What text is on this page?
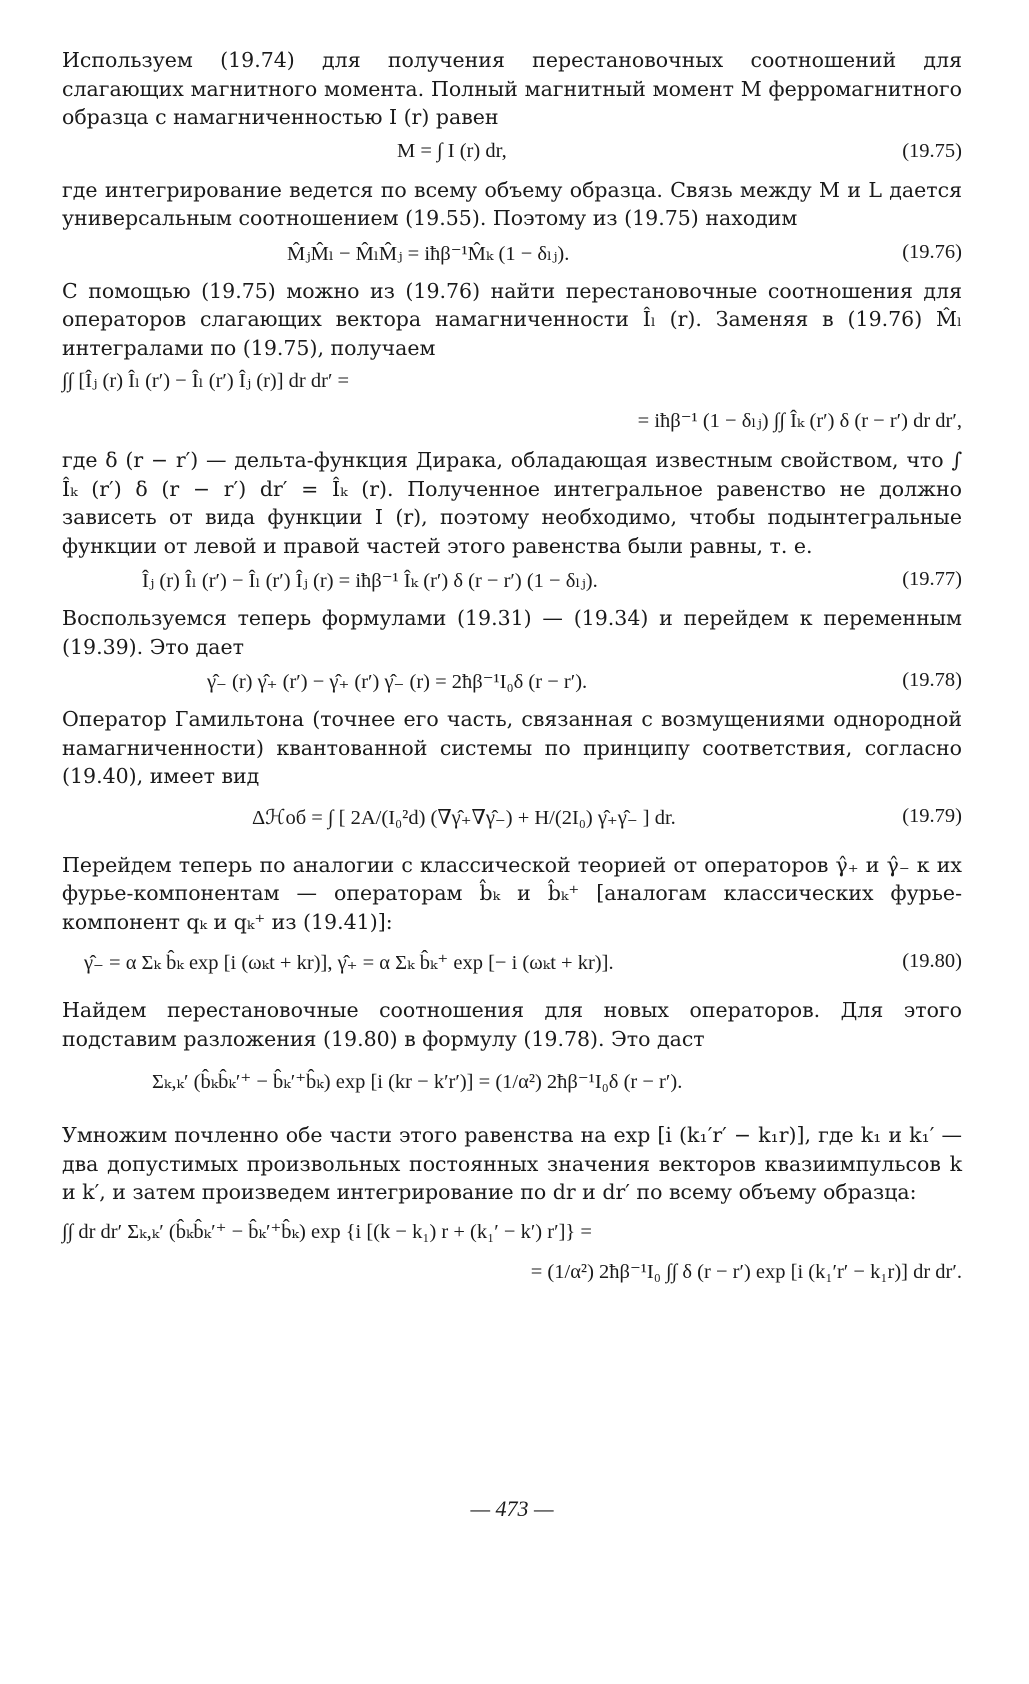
Используем (19.74) для получения перестановочных соотношений для слагающих магнитного момента. Полный магнитный момент M ферромагнитного образца с намагниченностью I (r) равен

M = ∫ I (r) dr,	(19.75)

где интегрирование ведется по всему объему образца. Связь между M и L дается универсальным соотношением (19.55). Поэтому из (19.75) находим

M̂ⱼM̂ₗ − M̂ₗM̂ⱼ = iħβ⁻¹M̂ₖ (1 − δₗⱼ).	(19.76)

С помощью (19.75) можно из (19.76) найти перестановочные соотношения для операторов слагающих вектора намагниченности Îₗ (r). Заменяя в (19.76) M̂ₗ интегралами по (19.75), получаем

∫∫ [Îⱼ (r) Îₗ (r′) − Îₗ (r′) Îⱼ (r)] dr dr′ =
= iħβ⁻¹ (1 − δₗⱼ) ∫∫ Îₖ (r′) δ (r − r′) dr dr′,

где δ (r − r′) — дельта-функция Дирака, обладающая известным свойством, что ∫ Îₖ (r′) δ (r − r′) dr′ = Îₖ (r). Полученное интегральное равенство не должно зависеть от вида функции I (r), поэтому необходимо, чтобы подынтегральные функции от левой и правой частей этого равенства были равны, т. е.

Îⱼ (r) Îₗ (r′) − Îₗ (r′) Îⱼ (r) = iħβ⁻¹ Îₖ (r′) δ (r − r′) (1 − δₗⱼ).	(19.77)

Воспользуемся теперь формулами (19.31) — (19.34) и перейдем к переменным (19.39). Это дает

γ̂₋ (r) γ̂₊ (r′) − γ̂₊ (r′) γ̂₋ (r) = 2ħβ⁻¹I₀δ (r − r′).	(19.78)

Оператор Гамильтона (точнее его часть, связанная с возмущениями однородной намагниченности) квантованной системы по принципу соответствия, согласно (19.40), имеет вид

Δℋоб = ∫ [ 2A/(I₀²d) (∇γ̂₊∇γ̂₋) + H/(2I₀) γ̂₊γ̂₋ ] dr.	(19.79)

Перейдем теперь по аналогии с классической теорией от операторов γ̂₊ и γ̂₋ к их фурье-компонентам — операторам b̂ₖ и b̂ₖ⁺ [аналогам классических фурье-компонент qₖ и qₖ⁺ из (19.41)]:

γ̂₋ = α Σₖ b̂ₖ exp [i (ωₖt + kr)], γ̂₊ = α Σₖ b̂ₖ⁺ exp [− i (ωₖt + kr)].	(19.80)

Найдем перестановочные соотношения для новых операторов. Для этого подставим разложения (19.80) в формулу (19.78). Это даст

Σₖ,ₖ′ (b̂ₖb̂ₖ′⁺ − b̂ₖ′⁺b̂ₖ) exp [i (kr − k′r′)] = (1/α²) 2ħβ⁻¹I₀δ (r − r′).

Умножим почленно обе части этого равенства на exp [i (k₁′r′ − k₁r)], где k₁ и k₁′ — два допустимых произвольных постоянных значения векторов квазиимпульсов k и k′, и затем произведем интегрирование по dr и dr′ по всему объему образца:

∫∫ dr dr′ Σₖ,ₖ′ (b̂ₖb̂ₖ′⁺ − b̂ₖ′⁺b̂ₖ) exp {i [(k − k₁) r + (k₁′ − k′) r′]} =
= (1/α²) 2ħβ⁻¹I₀ ∫∫ δ (r − r′) exp [i (k₁′r′ − k₁r)] dr dr′.
— 473 —
